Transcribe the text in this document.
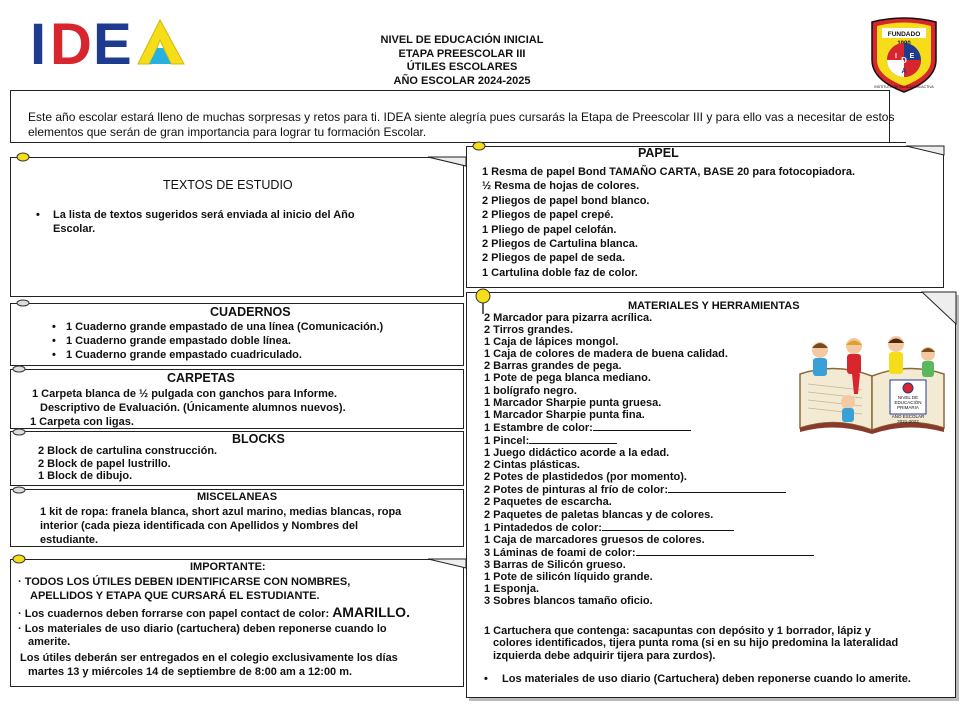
I D E	NIVEL DE EDUCACIÓN INICIAL
ETAPA PREESCOLAR III
ÚTILES ESCOLARES
AÑO ESCOLAR 2024-2025
FUNDADO
I D E
A
INSTITUTO DE EDUCACIÓN ACTIVA
Este año escolar estará lleno de muchas sorpresas y retos para ti. IDEA siente alegría pues cursarás la Etapa de Preescolar III y para ello vas a necesitar de estos elementos que serán de gran importancia para lograr tu formación Escolar.
TEXTOS DE ESTUDIO
•	La lista de textos sugeridos será enviada al inicio del Año Escolar.
CUADERNOS
• 1 Cuaderno grande empastado de una línea (Comunicación.)
• 1 Cuaderno grande empastado doble línea.
• 1 Cuaderno grande empastado cuadriculado.
CARPETAS
1 Carpeta blanca de ½ pulgada con ganchos para Informe.
Descriptivo de Evaluación. (Únicamente alumnos nuevos).
1 Carpeta con ligas.
BLOCKS
2 Block de cartulina construcción.
2 Block de papel lustrillo.
1 Block de dibujo.
MISCELANEAS
1 kit de ropa: franela blanca, short azul marino, medias blancas, ropa
interior (cada pieza identificada con Apellidos y Nombres del
estudiante.
IMPORTANTE:
· TODOS LOS ÚTILES DEBEN IDENTIFICARSE CON NOMBRES,
APELLIDOS Y ETAPA QUE CURSARÁ EL ESTUDIANTE.
· Los cuadernos deben forrarse con papel contact de color: AMARILLO.
· Los materiales de uso diario (cartuchera) deben reponerse cuando lo
amerite.
Los útiles deberán ser entregados en el colegio exclusivamente los días
martes 13 y miércoles 14 de septiembre de 8:00 am a 12:00 m.
PAPEL
1 Resma de papel Bond TAMAÑO CARTA, BASE 20 para fotocopiadora.
½ Resma de hojas de colores.
2 Pliegos de papel bond blanco.
2 Pliegos de papel crepé.
1 Pliego de papel celofán.
2 Pliegos de Cartulina blanca.
2 Pliegos de papel de seda.
1 Cartulina doble faz de color.
MATERIALES Y HERRAMIENTAS
2 Marcador para pizarra acrílica.
2 Tirros grandes.
1 Caja de lápices mongol.
1 Caja de colores de madera de buena calidad.
2 Barras grandes de pega.
1 Pote de pega blanca mediano.
1 bolígrafo negro.
1 Marcador Sharpie punta gruesa.
1 Marcador Sharpie punta fina.
1 Estambre de color:
1 Pincel:
1 Juego didáctico acorde a la edad.
2 Cintas plásticas.
2 Potes de plastidedos (por momento).
2 Potes de pinturas al frío de color:
2 Paquetes de escarcha.
2 Paquetes de paletas blancas y de colores.
1 Pintadedos de color:
1 Caja de marcadores gruesos de colores.
3 Láminas de foami de color:
3 Barras de Silicón grueso.
1 Pote de silicón líquido grande.
1 Esponja.
3 Sobres blancos tamaño oficio.
NIVEL DE
EDUCACIÓN
PRIMARIA
AÑO ESCOLAR
2021-2022
1 Cartuchera que contenga: sacapuntas con depósito y 1 borrador, lápiz y
colores identificados, tijera punta roma (si en su hijo predomina la lateralidad
izquierda debe adquirir tijera para zurdos).
• Los materiales de uso diario (Cartuchera) deben reponerse cuando lo amerite.
